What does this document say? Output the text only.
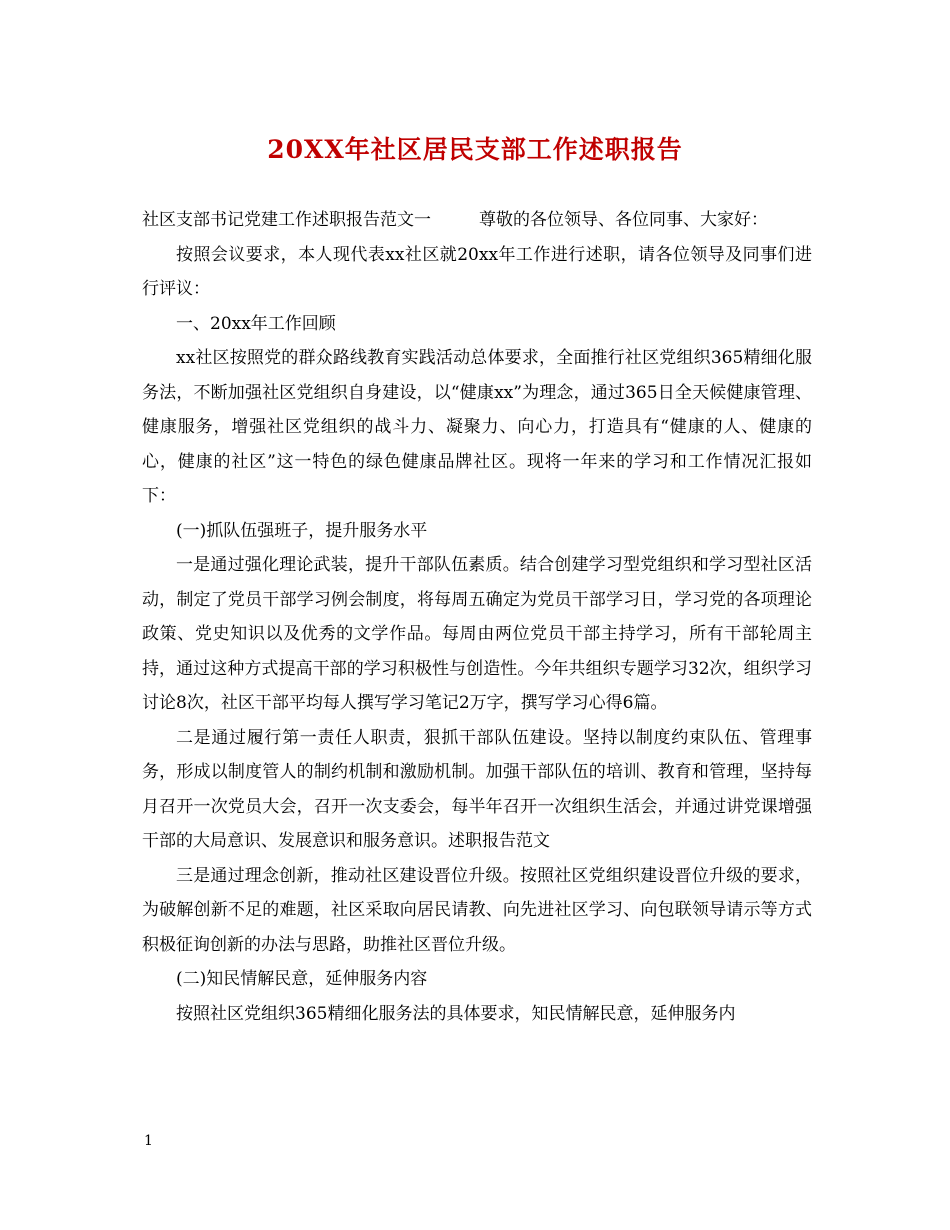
20XX年社区居民支部工作述职报告

社区支部书记党建工作述职报告范文一	尊敬的各位领导、各位同事、大家好：

按照会议要求，本人现代表xx社区就20xx年工作进行述职，请各位领导及同事们进行评议：

一、20xx年工作回顾

xx社区按照党的群众路线教育实践活动总体要求，全面推行社区党组织365精细化服务法，不断加强社区党组织自身建设，以“健康xx”为理念，通过365日全天候健康管理、健康服务，增强社区党组织的战斗力、凝聚力、向心力，打造具有“健康的人、健康的心，健康的社区”这一特色的绿色健康品牌社区。现将一年来的学习和工作情况汇报如下：

(一)抓队伍强班子，提升服务水平

一是通过强化理论武装，提升干部队伍素质。结合创建学习型党组织和学习型社区活动，制定了党员干部学习例会制度，将每周五确定为党员干部学习日，学习党的各项理论政策、党史知识以及优秀的文学作品。每周由两位党员干部主持学习，所有干部轮周主持，通过这种方式提高干部的学习积极性与创造性。今年共组织专题学习32次，组织学习讨论8次，社区干部平均每人撰写学习笔记2万字，撰写学习心得6篇。

二是通过履行第一责任人职责，狠抓干部队伍建设。坚持以制度约束队伍、管理事务，形成以制度管人的制约机制和激励机制。加强干部队伍的培训、教育和管理，坚持每月召开一次党员大会，召开一次支委会，每半年召开一次组织生活会，并通过讲党课增强干部的大局意识、发展意识和服务意识。述职报告范文

三是通过理念创新，推动社区建设晋位升级。按照社区党组织建设晋位升级的要求，为破解创新不足的难题，社区采取向居民请教、向先进社区学习、向包联领导请示等方式积极征询创新的办法与思路，助推社区晋位升级。

(二)知民情解民意，延伸服务内容

按照社区党组织365精细化服务法的具体要求，知民情解民意，延伸服务内

1
